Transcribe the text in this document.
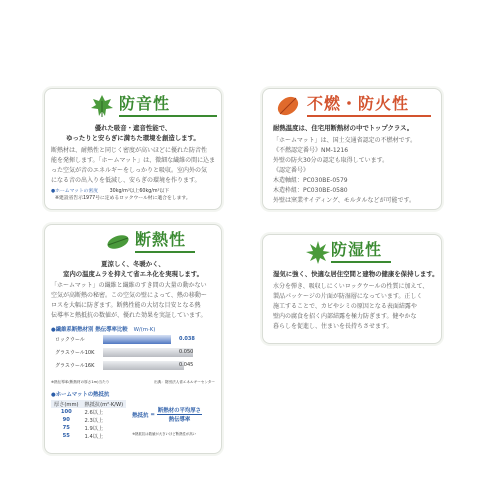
防音性
優れた吸音・遮音性能で、
ゆったりと安らぎに満ちた環境を創造します。
断熱材は、耐熱性と同じく密度が高いほどに優れた防音性
能を発揮します。「ホームマット」は、微細な繊維の間に込ま
った空気が音のエネルギーをしっかりと吸収。室内外の気
になる音の出入りを低減し、安らぎの環境を作ります。
●ホームマットの密度 30kg/m³以上60kg/m³以下
※建設省告示1977号に定めるロックウール材に適合をします。
不燃・防火性
耐熱温度は、住宅用断熱材の中でトップクラス。
「ホームマット」は、国土交通省認定の不燃材です。
《不燃認定番号》NM-1216
外壁の防火30分の認定も取得しています。
《認定番号》
木造軸組：PC030BE-0579
木造枠組：PC030BE-0580
外壁は窯業サイディング、モルタルなどが可能です。
断熱性
夏涼しく、冬暖かく、
室内の温度ムラを抑えて省エネ化を実現します。
「ホームマット」の繊維と繊維のすき間の大量の動かない
空気が高断熱の秘密。この空気の壁によって、熱の移動ー
ロスを大幅に防ぎます。断熱性能の大切な目安となる熱
伝導率と熱抵抗の数値が、優れた効果を実証しています。
●繊維系断熱材別 熱伝導率比較 W/(m·K)
ロックウール	0.038
グラスウール10K	0.050
グラスウール16K	0.045
※熱伝導率(断熱材の厚さ1m)当たり	出典：財団法人省エネルギーセンター
●ホームマットの熱抵抗
厚さ(mm)	熱抵抗(m²·K/W)
100	2.6以上
90	2.3以上
75	1.9以上
55	1.4以上
熱抵抗 =
断熱材の平均厚さ
熱伝導率
※熱抵抗は数値が大きいほど断熱性が高い
防湿性
湿気に強く、快適な居住空間と建物の健康を保持します。
水分を弾き、吸収しにくいロックウールの性質に加えて、
製品パッケージの片面が防湿層になっています。正しく
施工することで、カビやシミの原因となる表面結露や
壁内の腐食を招く内部結露を極力防ぎます。健やかな
暮らしを促進し、住まいを長持ちさせます。
